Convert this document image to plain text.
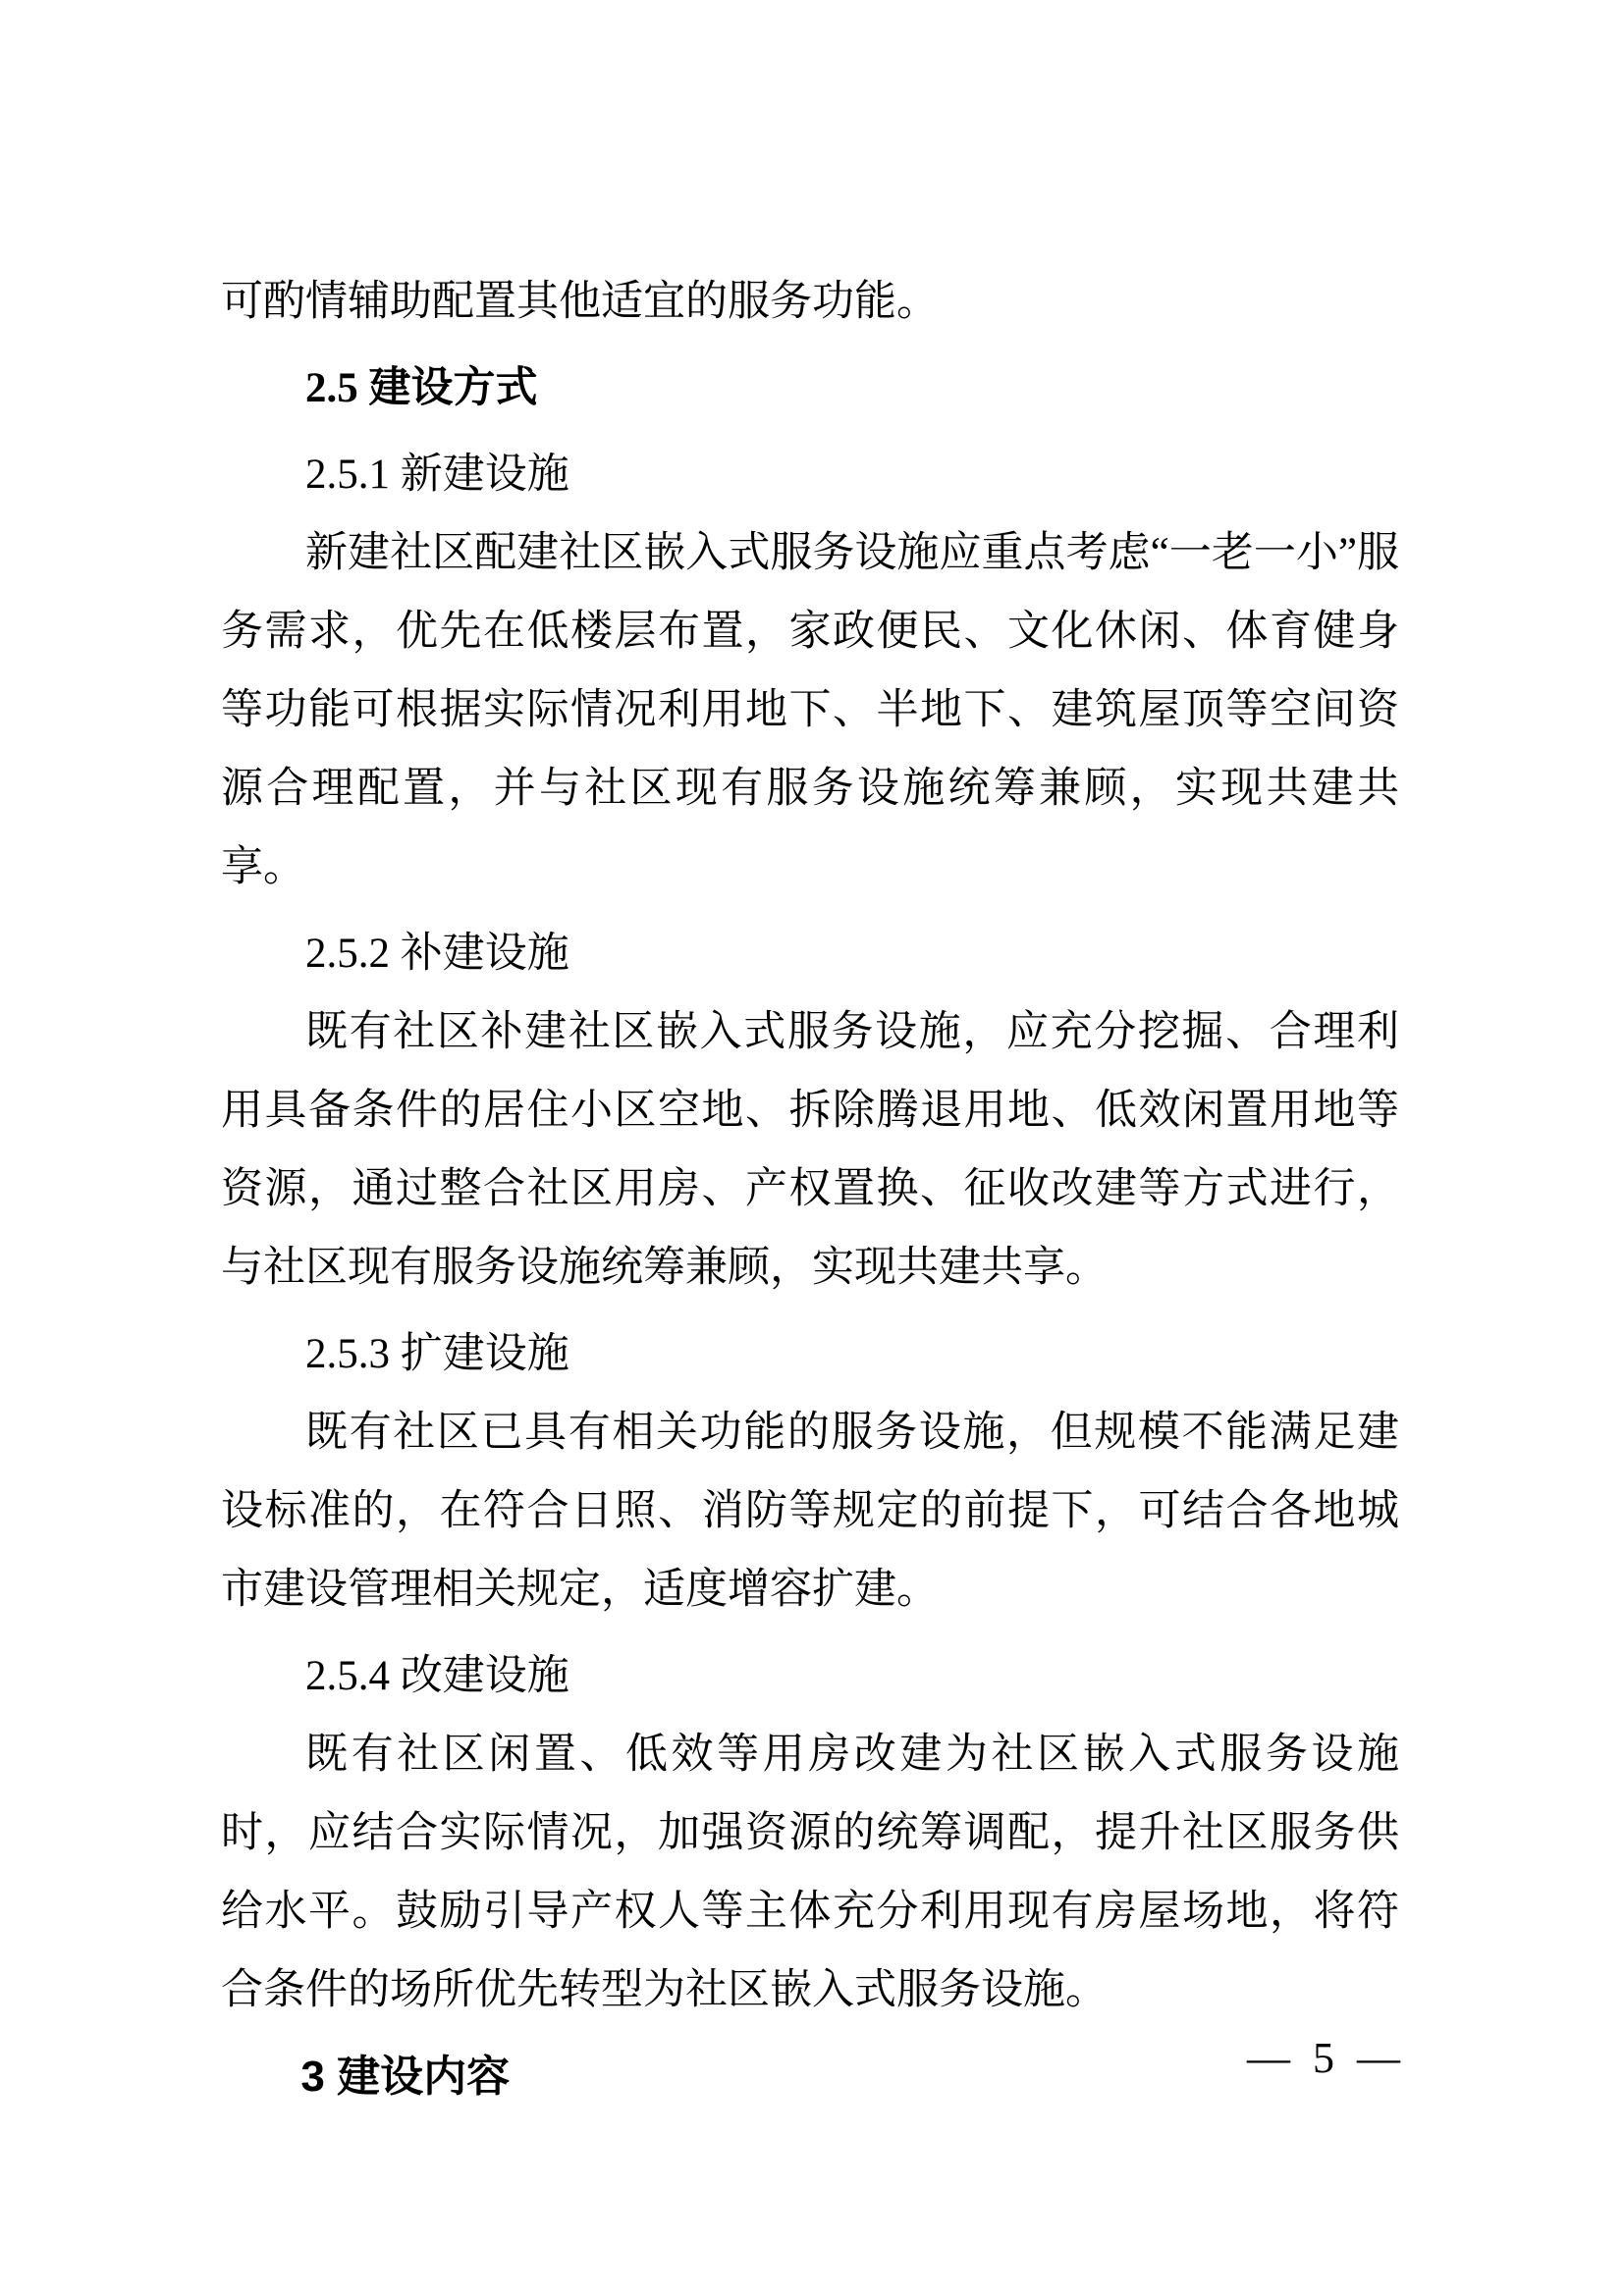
可酌情辅助配置其他适宜的服务功能。

2.5 建设方式
2.5.1 新建设施

新建社区配建社区嵌入式服务设施应重点考虑“一老一小”服务需求，优先在低楼层布置，家政便民、文化休闲、体育健身等功能可根据实际情况利用地下、半地下、建筑屋顶等空间资源合理配置，并与社区现有服务设施统筹兼顾，实现共建共享。

2.5.2 补建设施

既有社区补建社区嵌入式服务设施，应充分挖掘、合理利用具备条件的居住小区空地、拆除腾退用地、低效闲置用地等资源，通过整合社区用房、产权置换、征收改建等方式进行，与社区现有服务设施统筹兼顾，实现共建共享。

2.5.3 扩建设施

既有社区已具有相关功能的服务设施，但规模不能满足建设标准的，在符合日照、消防等规定的前提下，可结合各地城市建设管理相关规定，适度增容扩建。

2.5.4 改建设施

既有社区闲置、低效等用房改建为社区嵌入式服务设施时，应结合实际情况，加强资源的统筹调配，提升社区服务供给水平。鼓励引导产权人等主体充分利用现有房屋场地，将符合条件的场所优先转型为社区嵌入式服务设施。

3 建设内容	— 5 —
